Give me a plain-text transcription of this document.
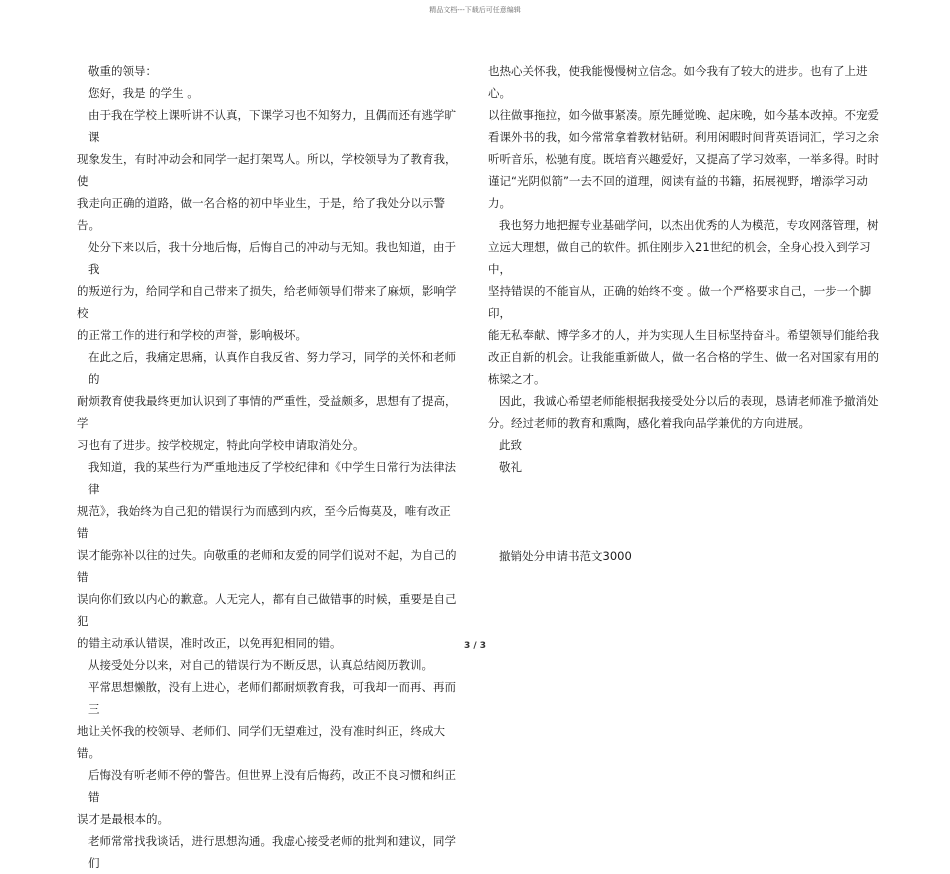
精品文档---下载后可任意编辑

敬重的领导：

您好，我是 的学生 。

由于我在学校上课听讲不认真，下课学习也不知努力，且偶而还有逃学旷课

现象发生，有时冲动会和同学一起打架骂人。所以，学校领导为了教育我，使

我走向正确的道路，做一名合格的初中毕业生，于是，给了我处分以示警告。

处分下来以后，我十分地后悔，后悔自己的冲动与无知。我也知道，由于我

的叛逆行为，给同学和自己带来了损失，给老师领导们带来了麻烦，影响学校

的正常工作的进行和学校的声誉，影响极坏。

在此之后，我痛定思痛，认真作自我反省、努力学习，同学的关怀和老师的

耐烦教育使我最终更加认识到了事情的严重性，受益颇多，思想有了提高，学

习也有了进步。按学校规定，特此向学校申请取消处分。

我知道，我的某些行为严重地违反了学校纪律和《中学生日常行为法律法律

规范》，我始终为自己犯的错误行为而感到内疚，至今后悔莫及，唯有改正错

误才能弥补以往的过失。向敬重的老师和友爱的同学们说对不起，为自己的错

误向你们致以内心的歉意。人无完人，都有自己做错事的时候，重要是自己犯

的错主动承认错误，准时改正，以免再犯相同的错。

从接受处分以来，对自己的错误行为不断反思，认真总结阅历教训。

平常思想懒散，没有上进心，老师们都耐烦教育我，可我却一而再、再而三

地让关怀我的校领导、老师们、同学们无望难过，没有准时纠正，终成大错。

后悔没有听老师不停的警告。但世界上没有后悔药，改正不良习惯和纠正错

误才是最根本的。

老师常常找我谈话，进行思想沟通。我虚心接受老师的批判和建议，同学们

也热心关怀我，使我能慢慢树立信念。如今我有了较大的进步。也有了上进心。

以往做事拖拉，如今做事紧凑。原先睡觉晚、起床晚，如今基本改掉。不宠爱

看课外书的我，如今常常拿着教材钻研。利用闲暇时间背英语词汇，学习之余

听听音乐，松驰有度。既培育兴趣爱好，又提高了学习效率，一举多得。时时

谨记“光阴似箭”一去不回的道理，阅读有益的书籍，拓展视野，增添学习动

力。

我也努力地把握专业基础学问，以杰出优秀的人为模范，专攻网落管理，树

立远大理想，做自己的软件。抓住刚步入21世纪的机会，全身心投入到学习中，

坚持错误的不能盲从，正确的始终不变 。做一个严格要求自己，一步一个脚印，

能无私奉献、博学多才的人，并为实现人生目标坚持奋斗。希望领导们能给我

改正自新的机会。让我能重新做人，做一名合格的学生、做一名对国家有用的

栋梁之才。

因此，我诚心希望老师能根据我接受处分以后的表现，恳请老师准予撤消处

分。经过老师的教育和熏陶，感化着我向品学兼优的方向进展。

此致

敬礼

撤销处分申请书范文3000

3 / 3
